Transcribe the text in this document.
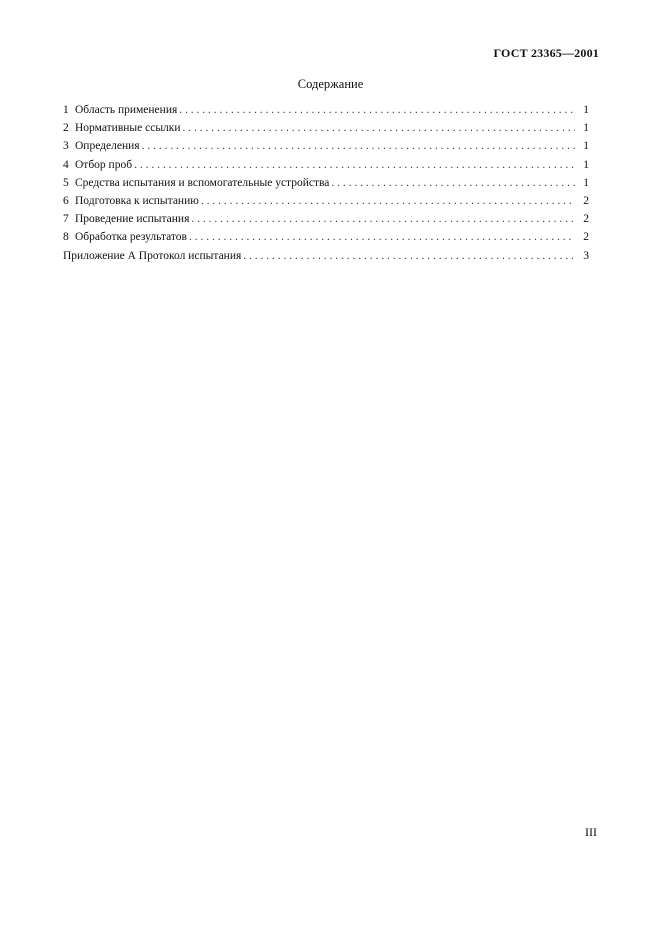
ГОСТ 23365—2001
Содержание
1 Область применения . . .	1
2 Нормативные ссылки . . .	1
3 Определения . . .	1
4 Отбор проб . . .	1
5 Средства испытания и вспомогательные устройства . . .	1
6 Подготовка к испытанию . . .	2
7 Проведение испытания . . .	2
8 Обработка результатов . . .	2
Приложение А Протокол испытания . . .	3
III
